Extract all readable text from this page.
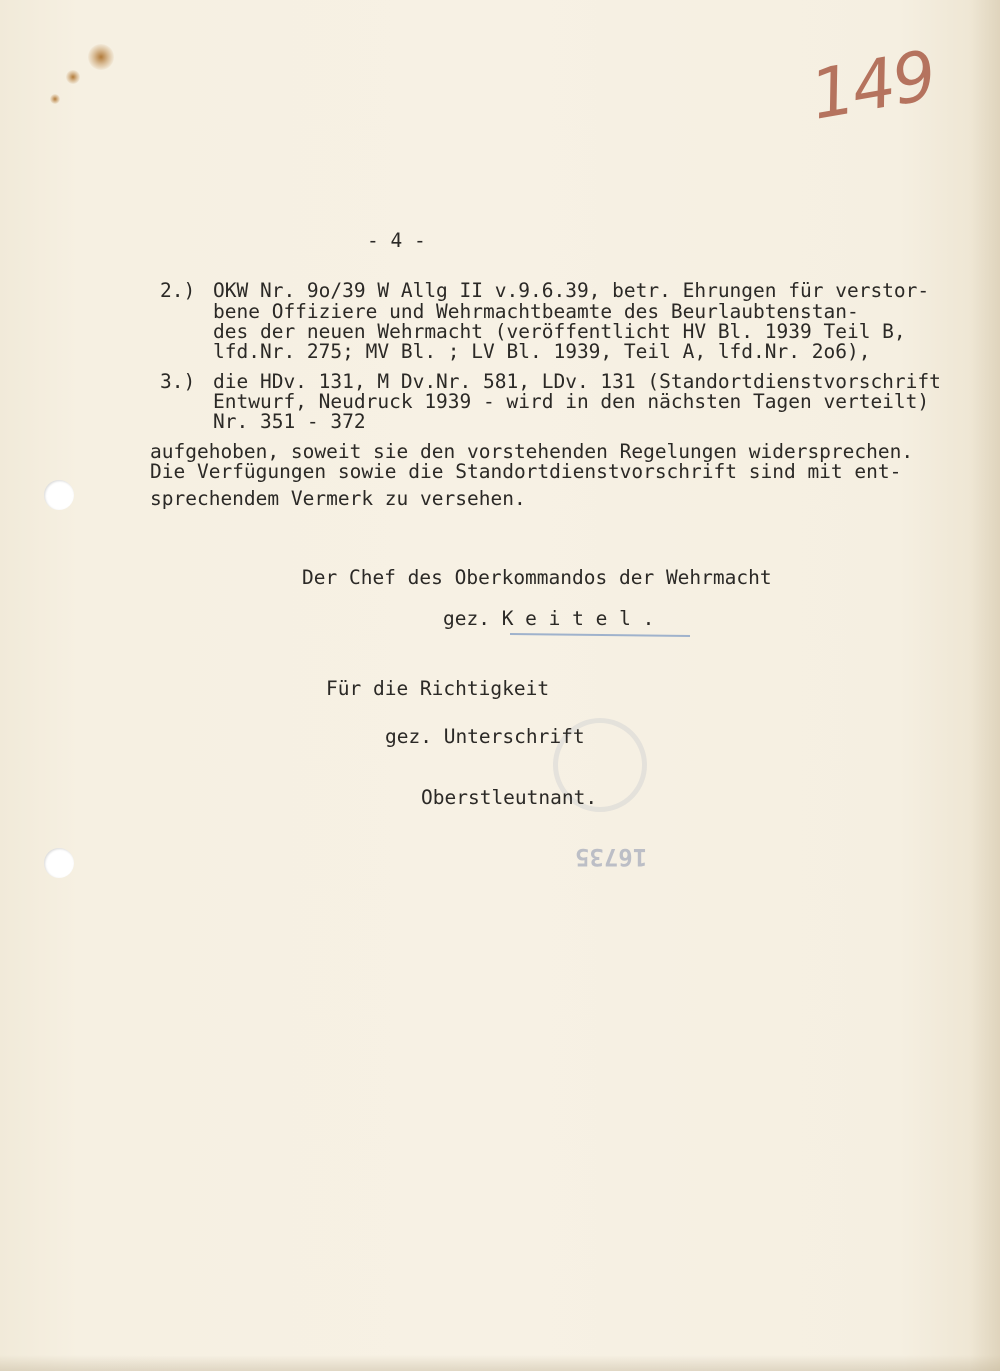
149
- 4 -
2.) OKW Nr. 9o/39 W Allg II v.9.6.39, betr. Ehrungen für verstor-
bene Offiziere und Wehrmachtbeamte des Beurlaubtenstan-
des der neuen Wehrmacht (veröffentlicht HV Bl. 1939 Teil B,
lfd.Nr. 275; MV Bl. ; LV Bl. 1939, Teil A, lfd.Nr. 2o6),
3.) die HDv. 131, M Dv.Nr. 581, LDv. 131 (Standortdienstvorschrift
Entwurf, Neudruck 1939 - wird in den nächsten Tagen verteilt)
Nr. 351 - 372
aufgehoben, soweit sie den vorstehenden Regelungen widersprechen.
Die Verfügungen sowie die Standortdienstvorschrift sind mit ent-
sprechendem Vermerk zu versehen.
Der Chef des Oberkommandos der Wehrmacht
gez. K e i t e l .
Für die Richtigkeit
gez. Unterschrift
Oberstleutnant.
16735
